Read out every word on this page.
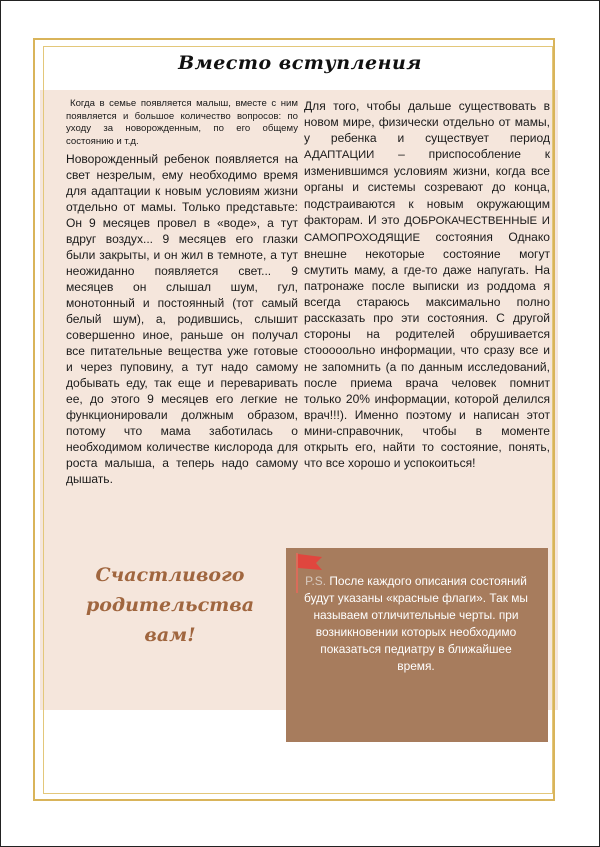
Вместо вступления

Когда в семье появляется малыш, вместе с ним появляется и большое количество вопросов: по уходу за новорожденным, по его общему состоянию и т.д.

Новорожденный ребенок появляется на свет незрелым, ему необходимо время для адаптации к новым условиям жизни отдельно от мамы. Только представьте: Он 9 месяцев провел в «воде», а тут вдруг воздух... 9 месяцев его глазки были закрыты, и он жил в темноте, а тут неожиданно появляется свет... 9 месяцев он слышал шум, гул, монотонный и постоянный (тот самый белый шум), а, родившись, слышит совершенно иное, раньше он получал все питательные вещества уже готовые и через пуповину, а тут надо самому добывать еду, так еще и переваривать ее, до этого 9 месяцев его легкие не функционировали должным образом, потому что мама заботилась о необходимом количестве кислорода для роста малыша, а теперь надо самому дышать.

Для того, чтобы дальше существовать в новом мире, физически отдельно от мамы, у ребенка и существует период АДАПТАЦИИ – приспособление к изменившимся условиям жизни, когда все органы и системы созревают до конца, подстраиваются к новым окружающим факторам. И это ДОБРОКАЧЕСТВЕННЫЕ И САМОПРОХОДЯЩИЕ состояния Однако внешне некоторые состояние могут смутить маму, а где-то даже напугать. На патронаже после выписки из роддома я всегда стараюсь максимально полно рассказать про эти состояния. С другой стороны на родителей обрушивается стооооольно информации, что сразу все и не запомнить (а по данным исследований, после приема врача человек помнит только 20% информации, которой делился врач!!!). Именно поэтому и написан этот мини-справочник, чтобы в моменте открыть его, найти то состояние, понять, что все хорошо и успокоиться!

Счастливого
родительства
вам!
P.S. После каждого описания состояний будут указаны «красные флаги». Так мы называем отличительные черты. при возникновении которых необходимо показаться педиатру в ближайшее время.
